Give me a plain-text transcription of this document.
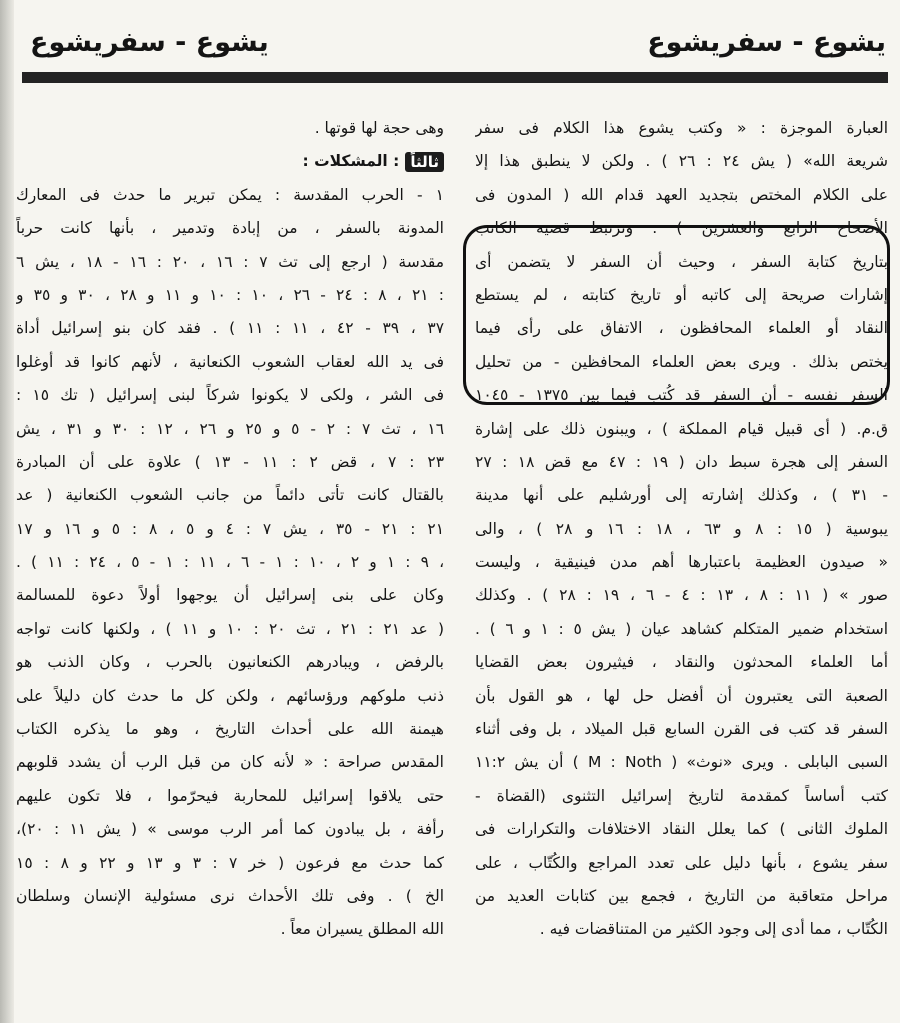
يشوع - سفريشوع
يشوع - سفريشوع
العبارة الموجزة : « وكتب يشوع هذا الكلام فى سفر
شريعة الله» ( يش ٢٤ : ٢٦ ) . ولكن لا ينطبق هذا إلا
على الكلام المختص بتجديد العهد قدام الله ( المدون فى
الأصحاح الرابع والعشرين ) . وترتبط قضية الكاتب
بتاريخ كتابة السفر ، وحيث أن السفر لا يتضمن أى
إشارات صريحة إلى كاتبه أو تاريخ كتابته ، لم يستطع
النقاد أو العلماء المحافظون ، الاتفاق على رأى فيما
يختص بذلك . ويرى بعض العلماء المحافظين - من تحليل
السفر نفسه - أن السفر قد كُتب فيما بين ١٣٧٥ - ١٠٤٥
ق.م. ( أى قبيل قيام المملكة ) ، ويبنون ذلك على إشارة
السفر إلى هجرة سبط دان ( ١٩ : ٤٧ مع قض ١٨ : ٢٧
- ٣١ ) ، وكذلك إشارته إلى أورشليم على أنها مدينة
يبوسية ( ١٥ : ٨ و ٦٣ ، ١٨ : ١٦ و ٢٨ ) ، والى
« صيدون العظيمة باعتبارها أهم مدن فينيقية ، وليست
صور » ( ١١ : ٨ ، ١٣ : ٤ - ٦ ، ١٩ : ٢٨ ) . وكذلك
استخدام ضمير المتكلم كشاهد عيان ( يش ٥ : ١ و ٦ ) .
أما العلماء المحدثون والنقاد ، فيثيرون بعض القضايا
الصعبة التى يعتبرون أن أفضل حل لها ، هو القول بأن
السفر قد كتب فى القرن السابع قبل الميلاد ، بل وفى أثناء
السبى البابلى . ويرى «نوث» ( M : Noth ) أن يش ١١:٢
كتب أساساً كمقدمة لتاريخ إسرائيل التثنوى (القضاة -
الملوك الثانى ) كما يعلل النقاد الاختلافات والتكرارات فى
سفر يشوع ، بأنها دليل على تعدد المراجع والكُتّاب ، على
مراحل متعاقبة من التاريخ ، فجمع بين كتابات العديد من
الكُتّاب ، مما أدى إلى وجود الكثير من المتناقضات فيه .
وهى حجة لها قوتها .
ثالثاً: المشكلات :
١ - الحرب المقدسة : يمكن تبرير ما حدث فى المعارك
المدونة بالسفر ، من إبادة وتدمير ، بأنها كانت حرباً
مقدسة ( ارجع إلى تث ٧ : ١٦ ، ٢٠ : ١٦ - ١٨ ، يش ٦
: ٢١ ، ٨ : ٢٤ - ٢٦ ، ١٠ : ١٠ و ١١ و ٢٨ ، ٣٠ و ٣٥ و
٣٧ ، ٣٩ - ٤٢ ، ١١ : ١١ ) . فقد كان بنو إسرائيل أداة
فى يد الله لعقاب الشعوب الكنعانية ، لأنهم كانوا قد أوغلوا
فى الشر ، ولكى لا يكونوا شركاً لبنى إسرائيل ( تك ١٥ :
١٦ ، تث ٧ : ٢ - ٥ و ٢٥ و ٢٦ ، ١٢ : ٣٠ و ٣١ ، يش
٢٣ : ٧ ، قض ٢ : ١١ - ١٣ ) علاوة على أن المبادرة
بالقتال كانت تأتى دائماً من جانب الشعوب الكنعانية ( عد
٢١ : ٢١ - ٣٥ ، يش ٧ : ٤ و ٥ ، ٨ : ٥ و ١٦ و ١٧
، ٩ : ١ و ٢ ، ١٠ : ١ - ٦ ، ١١ : ١ - ٥ ، ٢٤ : ١١ ) .
وكان على بنى إسرائيل أن يوجهوا أولاً دعوة للمسالمة
( عد ٢١ : ٢١ ، تث ٢٠ : ١٠ و ١١ ) ، ولكنها كانت تواجه
بالرفض ، ويبادرهم الكنعانيون بالحرب ، وكان الذنب هو
ذنب ملوكهم ورؤسائهم ، ولكن كل ما حدث كان دليلاً على
هيمنة الله على أحداث التاريخ ، وهو ما يذكره الكتاب
المقدس صراحة : « لأنه كان من قبل الرب أن يشدد قلوبهم
حتى يلاقوا إسرائيل للمحاربة فيحرّموا ، فلا تكون عليهم
رأفة ، بل يبادون كما أمر الرب موسى » ( يش ١١ : ٢٠)،
كما حدث مع فرعون ( خر ٧ : ٣ و ١٣ و ٢٢ و ٨ : ١٥
الخ ) . وفى تلك الأحداث نرى مسئولية الإنسان وسلطان
الله المطلق يسيران معاً .
